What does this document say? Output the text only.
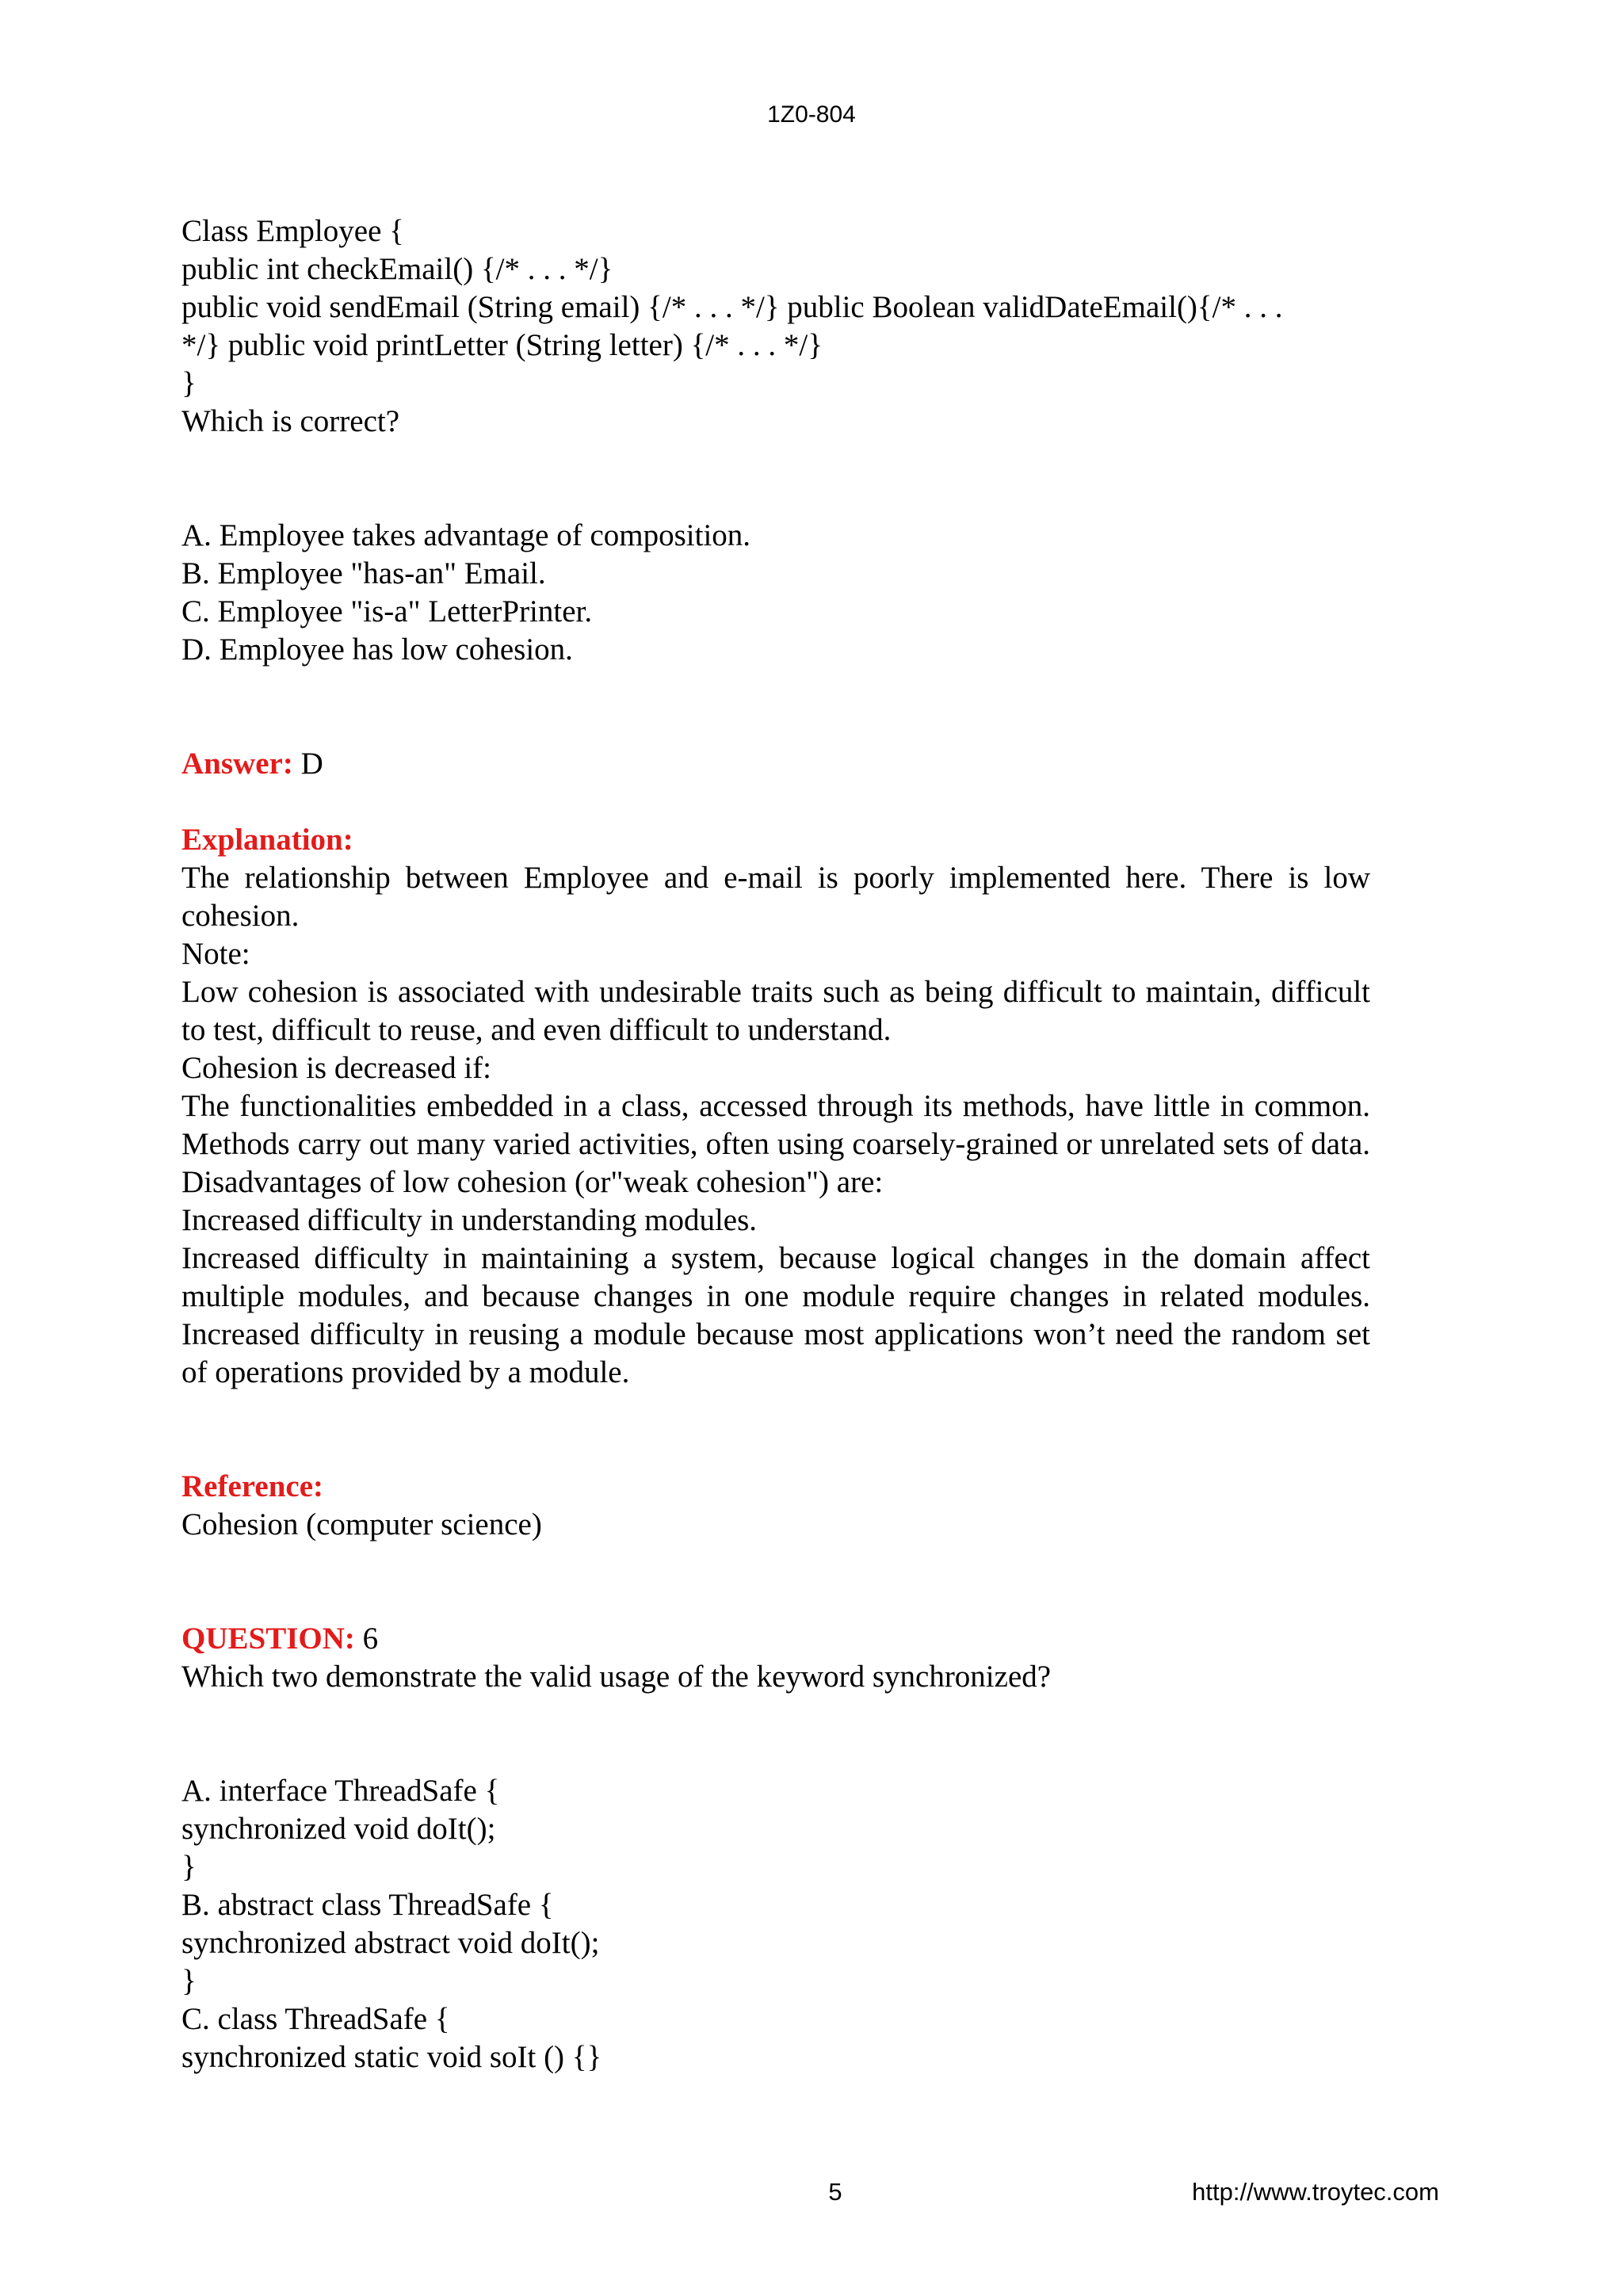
1Z0-804
Class Employee {
public int checkEmail() {/* . . . */}
public void sendEmail (String email) {/* . . . */} public Boolean validDateEmail(){/* . . .
*/} public void printLetter (String letter) {/* . . . */}
}
Which is correct?
A. Employee takes advantage of composition.
B. Employee "has-an" Email.
C. Employee "is-a" LetterPrinter.
D. Employee has low cohesion.

Answer: D

Explanation:

The relationship between Employee and e-mail is poorly implemented here. There is low cohesion.

Note:

Low cohesion is associated with undesirable traits such as being difficult to maintain, difficult to test, difficult to reuse, and even difficult to understand.

Cohesion is decreased if:

The functionalities embedded in a class, accessed through its methods, have little in common. Methods carry out many varied activities, often using coarsely-grained or unrelated sets of data. Disadvantages of low cohesion (or"weak cohesion") are:

Increased difficulty in understanding modules.

Increased difficulty in maintaining a system, because logical changes in the domain affect multiple modules, and because changes in one module require changes in related modules. Increased difficulty in reusing a module because most applications won’t need the random set of operations provided by a module.

Reference:

Cohesion (computer science)

QUESTION: 6

Which two demonstrate the valid usage of the keyword synchronized?

A. interface ThreadSafe {
synchronized void doIt();
}
B. abstract class ThreadSafe {
synchronized abstract void doIt();
}
C. class ThreadSafe {
synchronized static void soIt () {}
5	http://www.troytec.com
